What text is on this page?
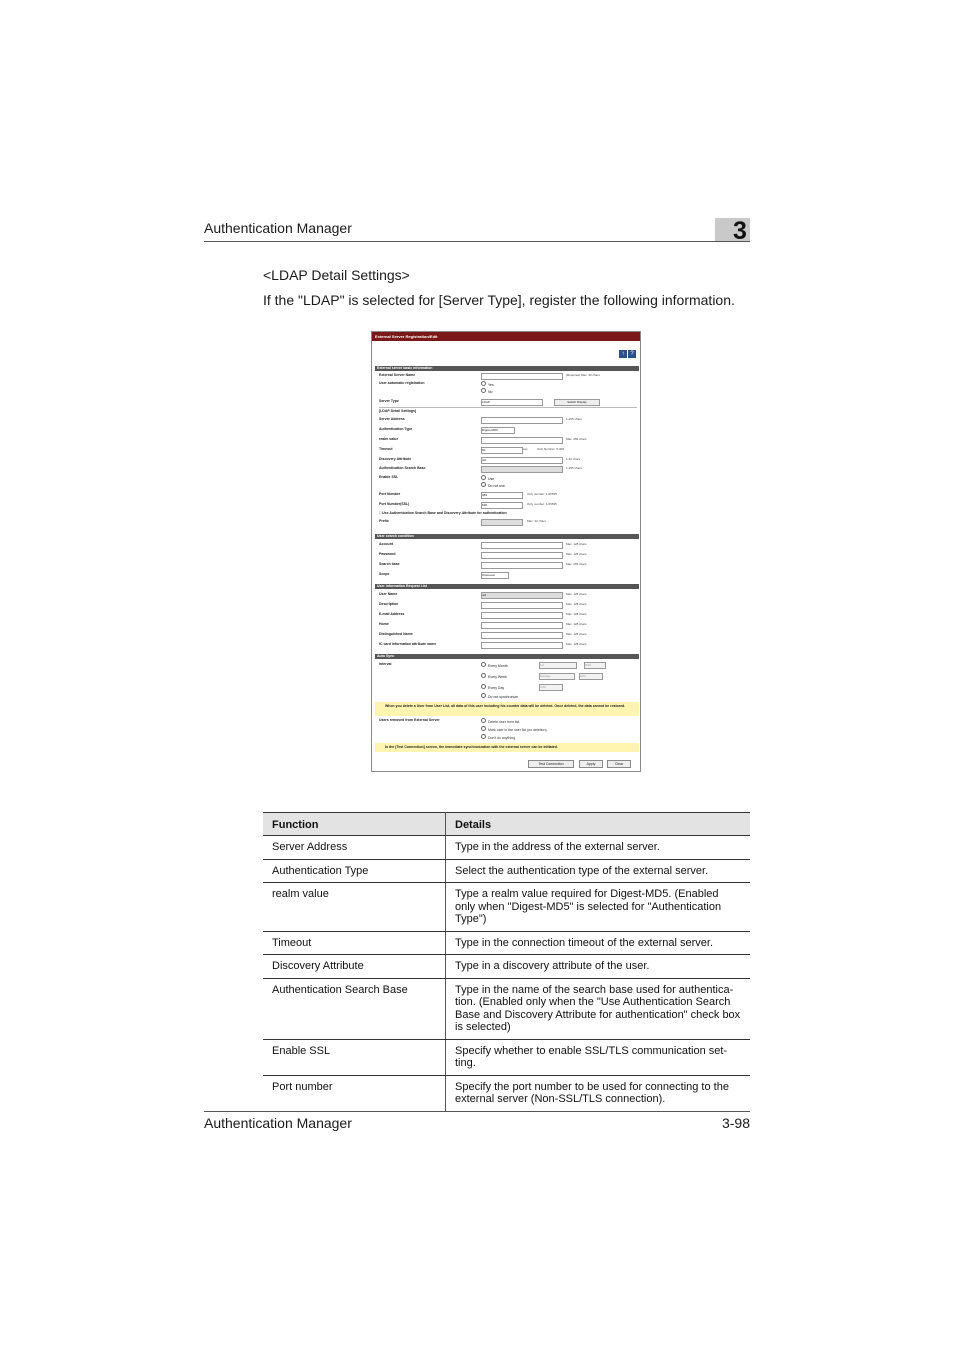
Authentication Manager	3
<LDAP Detail Settings>
If the "LDAP" is selected for [Server Type], register the following information.
External Server Registration/Edit
↑ ?
External server basic information
External Server Name	(Required) Max. 32 chars
User automatic registration	Yes
No
Server Type	LDAP	Switch Display
[LDAP Detail Settings]
Server Address	1-255 chars
Authentication Type	Digest-MD5
realm value	Max. 256 chars
Timeout	60	sec.	Only Number: 5-300
Discovery Attribute	uid	1-32 chars
Authentication Search Base	1-255 chars
Enable SSL	Use
Do not use
Port Number	389	Only number: 1-65535
Port Number(SSL)	636	Only number: 1-65535
□ Use Authentication Search Base and Discovery Attribute for authentication
Prefix	Max. 32 chars
User search condition
Account	Max. 128 chars
Password	Max. 128 chars
Search base	Max. 256 chars
Scope	OneLevel
User Information Request List
User Name	uid	Max. 128 chars
Description	Max. 128 chars
E-mail Address	Max. 128 chars
Home	Max. 128 chars
Distinguished Name	Max. 128 chars
IC card information attribute name	Max. 128 chars
Auto Sync
Interval	Every Month	1st	0:00
Every Week	Sunday	0:00
Every Day	0:00
Do not synchronize
When you delete a User from User List, all data of this user including his counter data will be deleted. Once deleted, the data cannot be restored.
Users removed from External Server	Delete user from list.
Mark user in the user list (no deletion).
Don't do anything.
In the [Test Connection] screen, the immediate synchronization with the external server can be initiated.
Test Connection	Apply	Clear
Function	Details
Server Address	Type in the address of the external server.
Authentication Type	Select the authentication type of the external server.
realm value	Type a realm value required for Digest-MD5. (Enabled only when "Digest-MD5" is selected for "Authentication Type")
Timeout	Type in the connection timeout of the external server.
Discovery Attribute	Type in a discovery attribute of the user.
Authentication Search Base	Type in the name of the search base used for authentica-tion. (Enabled only when the "Use Authentication Search Base and Discovery Attribute for authentication" check box is selected)
Enable SSL	Specify whether to enable SSL/TLS communication set-ting.
Port number	Specify the port number to be used for connecting to the external server (Non-SSL/TLS connection).
Authentication Manager	3-98
